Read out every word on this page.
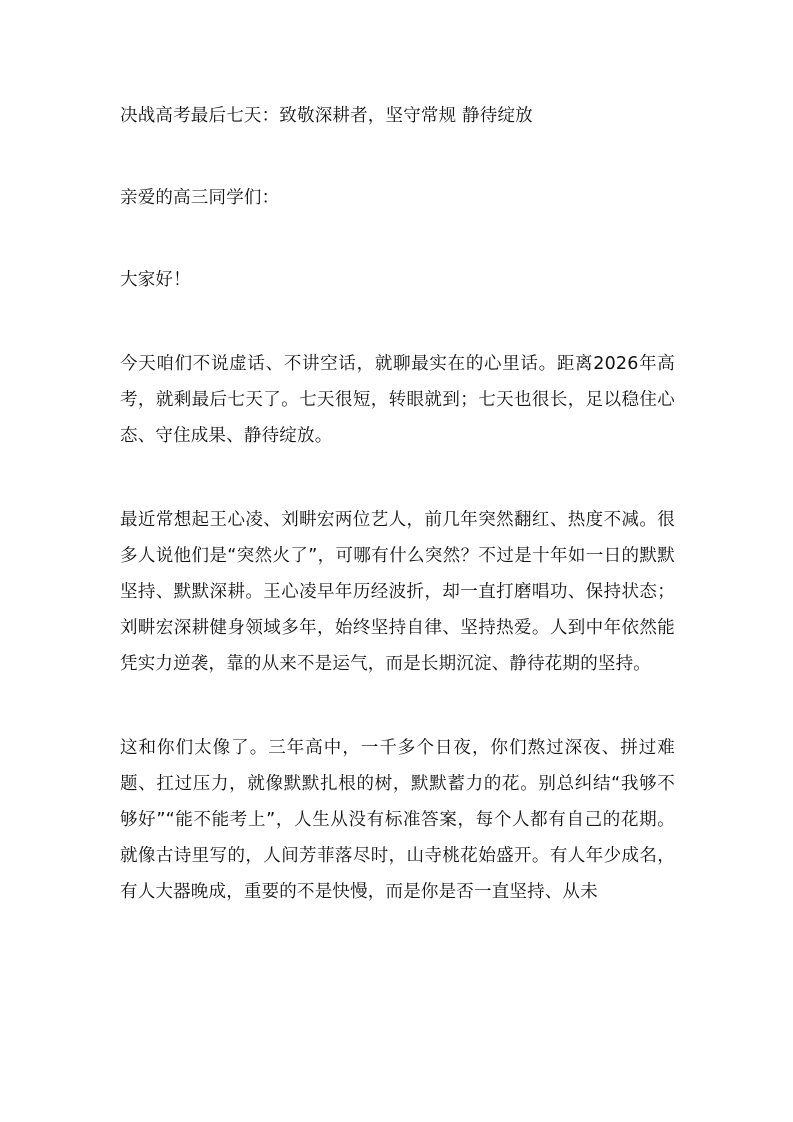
决战高考最后七天：致敬深耕者，坚守常规 静待绽放

亲爱的高三同学们：

大家好！

今天咱们不说虚话、不讲空话，就聊最实在的心里话。距离2026年高考，就剩最后七天了。七天很短，转眼就到；七天也很长，足以稳住心态、守住成果、静待绽放。

最近常想起王心凌、刘畊宏两位艺人，前几年突然翻红、热度不减。很多人说他们是“突然火了”，可哪有什么突然？不过是十年如一日的默默坚持、默默深耕。王心凌早年历经波折，却一直打磨唱功、保持状态；刘畊宏深耕健身领域多年，始终坚持自律、坚持热爱。人到中年依然能凭实力逆袭，靠的从来不是运气，而是长期沉淀、静待花期的坚持。

这和你们太像了。三年高中，一千多个日夜，你们熬过深夜、拼过难题、扛过压力，就像默默扎根的树，默默蓄力的花。别总纠结“我够不够好”“能不能考上”，人生从没有标准答案，每个人都有自己的花期。就像古诗里写的，人间芳菲落尽时，山寺桃花始盛开。有人年少成名，有人大器晚成，重要的不是快慢，而是你是否一直坚持、从未
